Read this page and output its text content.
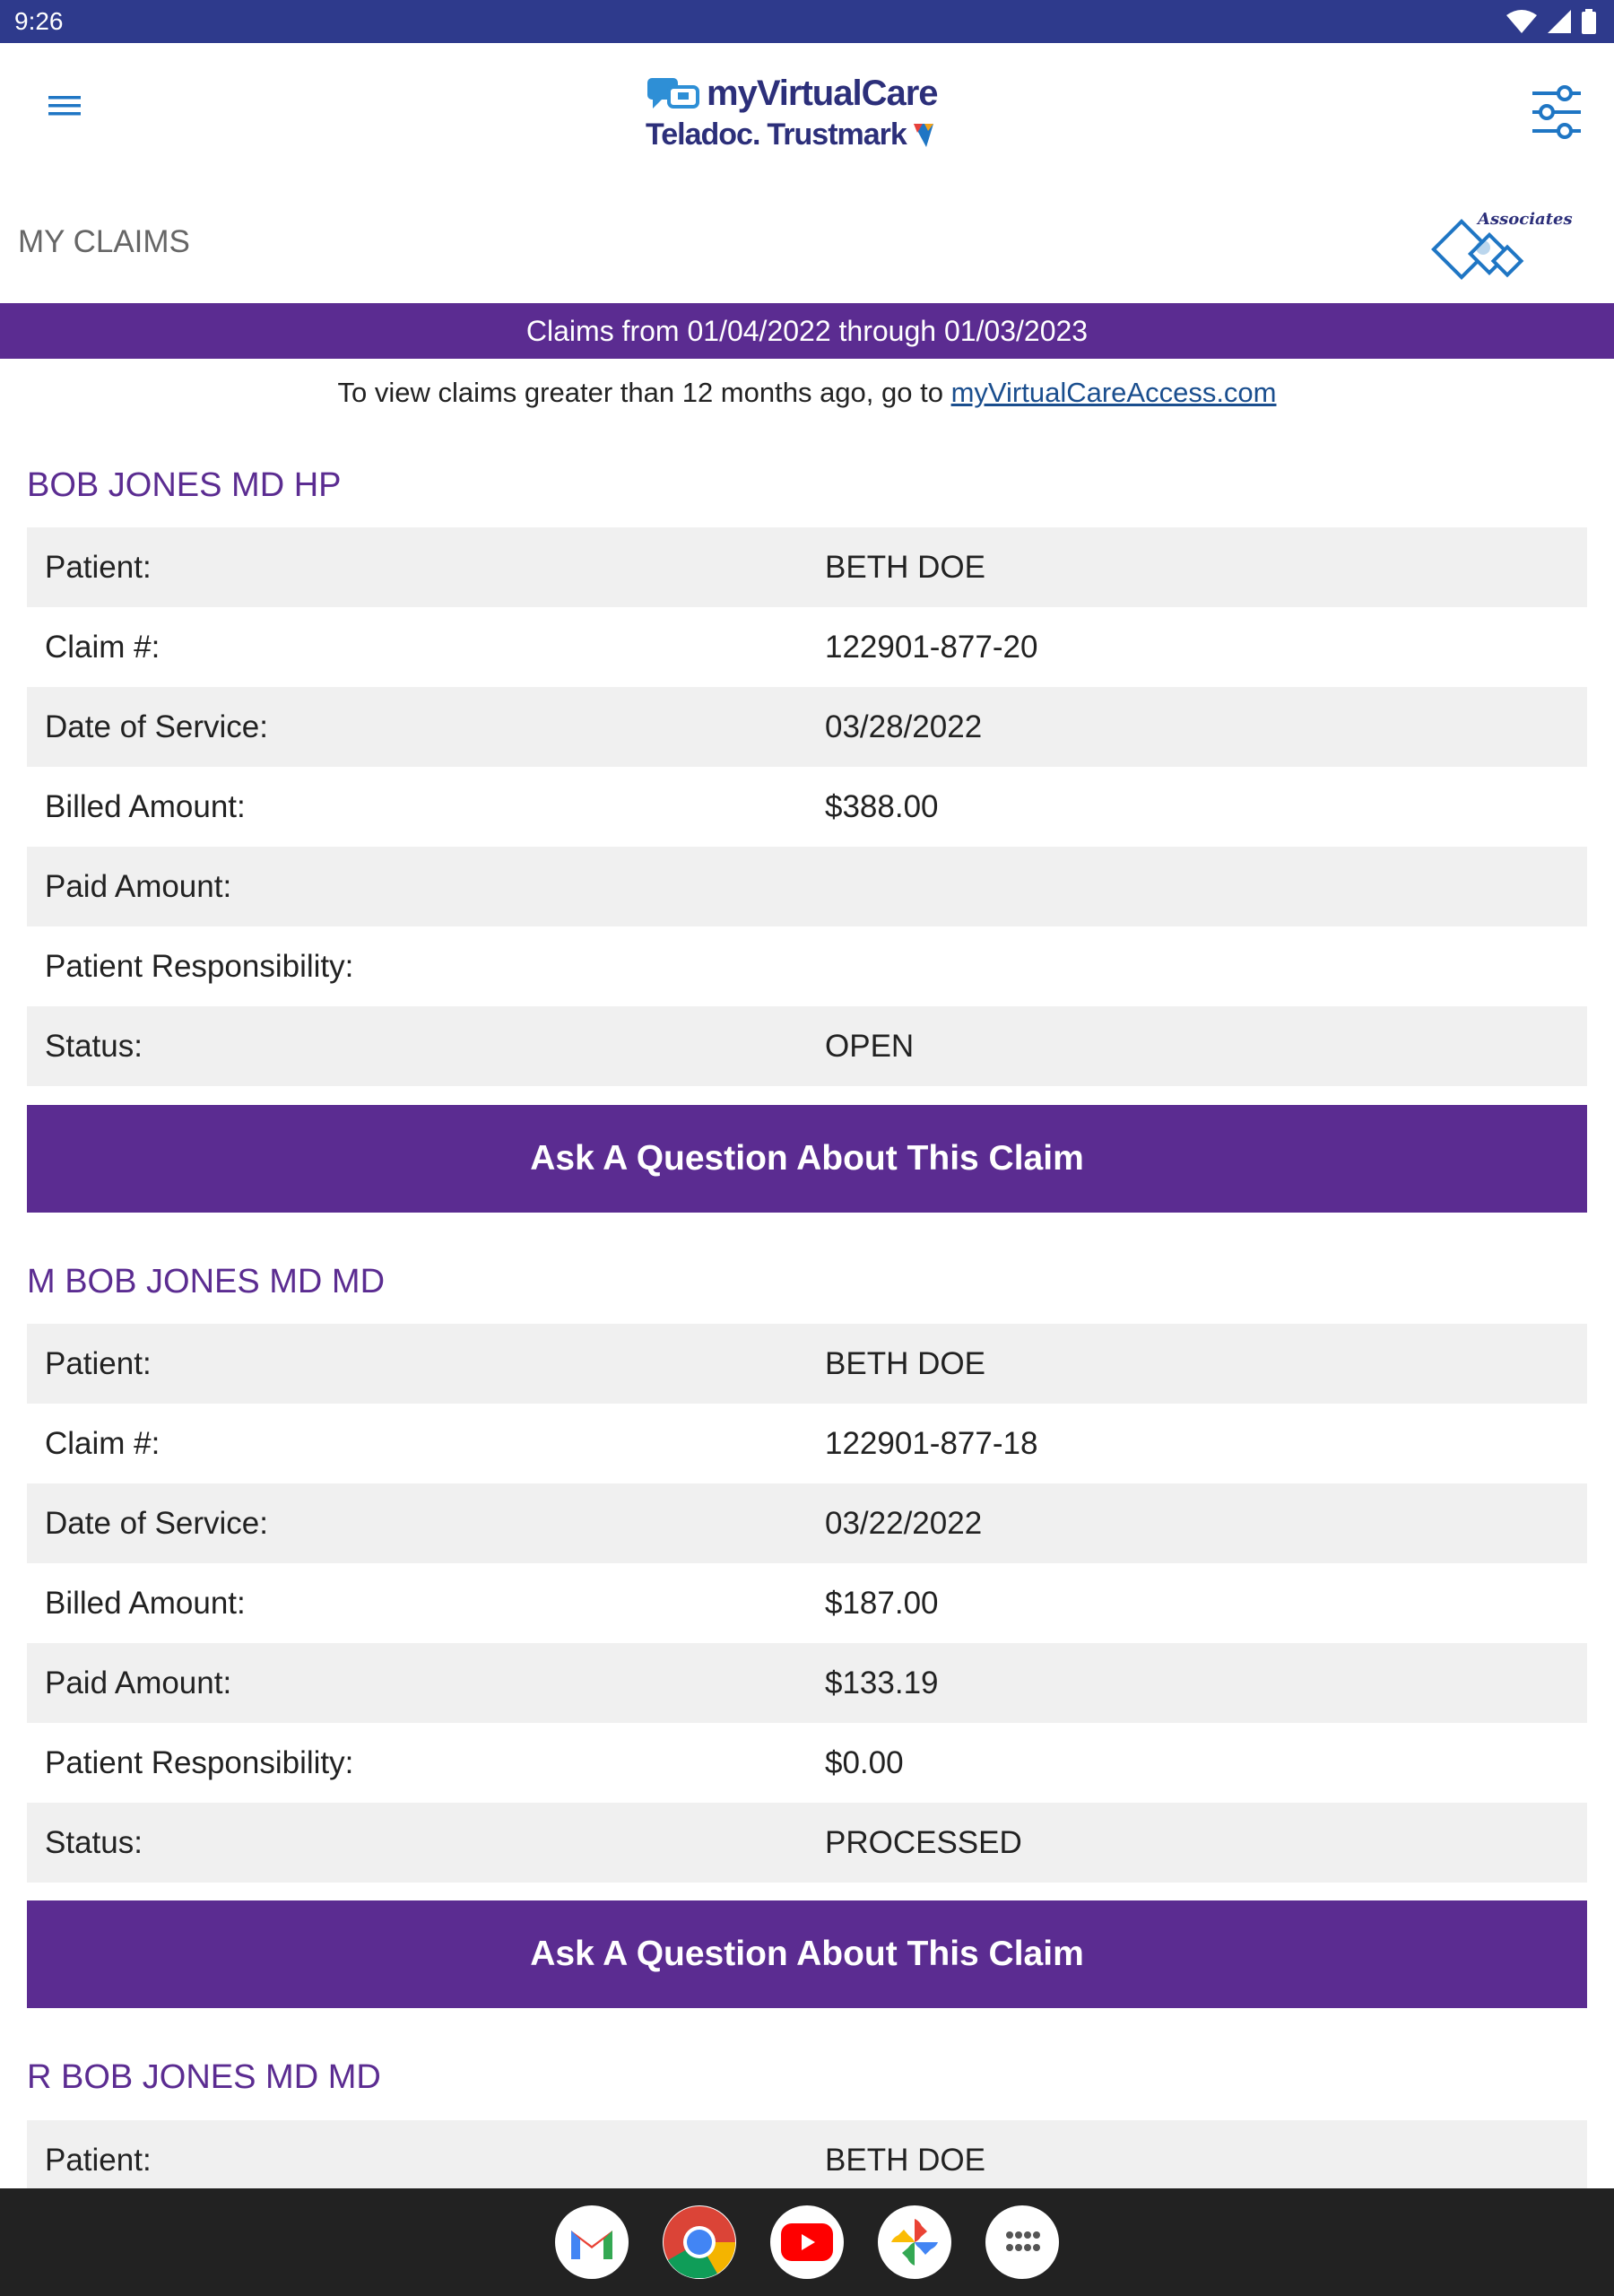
9:26
myVirtualCare
Teladoc. Trustmark
MY CLAIMS
Associates
Claims from 01/04/2022 through 01/03/2023
To view claims greater than 12 months ago, go to myVirtualCareAccess.com
BOB JONES MD HP
Patient:	BETH DOE
Claim #:	122901-877-20
Date of Service:	03/28/2022
Billed Amount:	$388.00
Paid Amount:
Patient Responsibility:
Status:	OPEN
Ask A Question About This Claim
M BOB JONES MD MD
Patient:	BETH DOE
Claim #:	122901-877-18
Date of Service:	03/22/2022
Billed Amount:	$187.00
Paid Amount:	$133.19
Patient Responsibility:	$0.00
Status:	PROCESSED
Ask A Question About This Claim
R BOB JONES MD MD
Patient:	BETH DOE
